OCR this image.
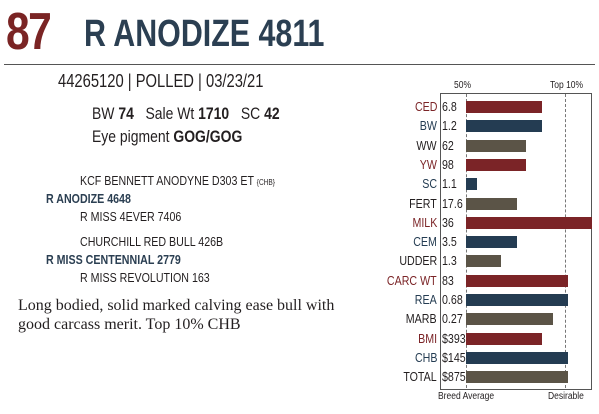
87 R ANODIZE 4811
44265120 | POLLED | 03/23/21
BW 74 Sale Wt 1710 SC 42
Eye pigment GOG/GOG
KCF BENNETT ANODYNE D303 ET {CHB}
R ANODIZE 4648
R MISS 4EVER 7406
CHURCHILL RED BULL 426B
R MISS CENTENNIAL 2779
R MISS REVOLUTION 163
Long bodied, solid marked calving ease bull with good carcass merit. Top 10% CHB
50%	Top 10%
CED 6.8
BW 1.2
WW 62
YW 98
SC 1.1
FERT 17.6
MILK 36
CEM 3.5
UDDER 1.3
CARC WT 83
REA 0.68
MARB 0.27
BMI $393
CHB $145
TOTAL $875
Breed Average	Desirable
